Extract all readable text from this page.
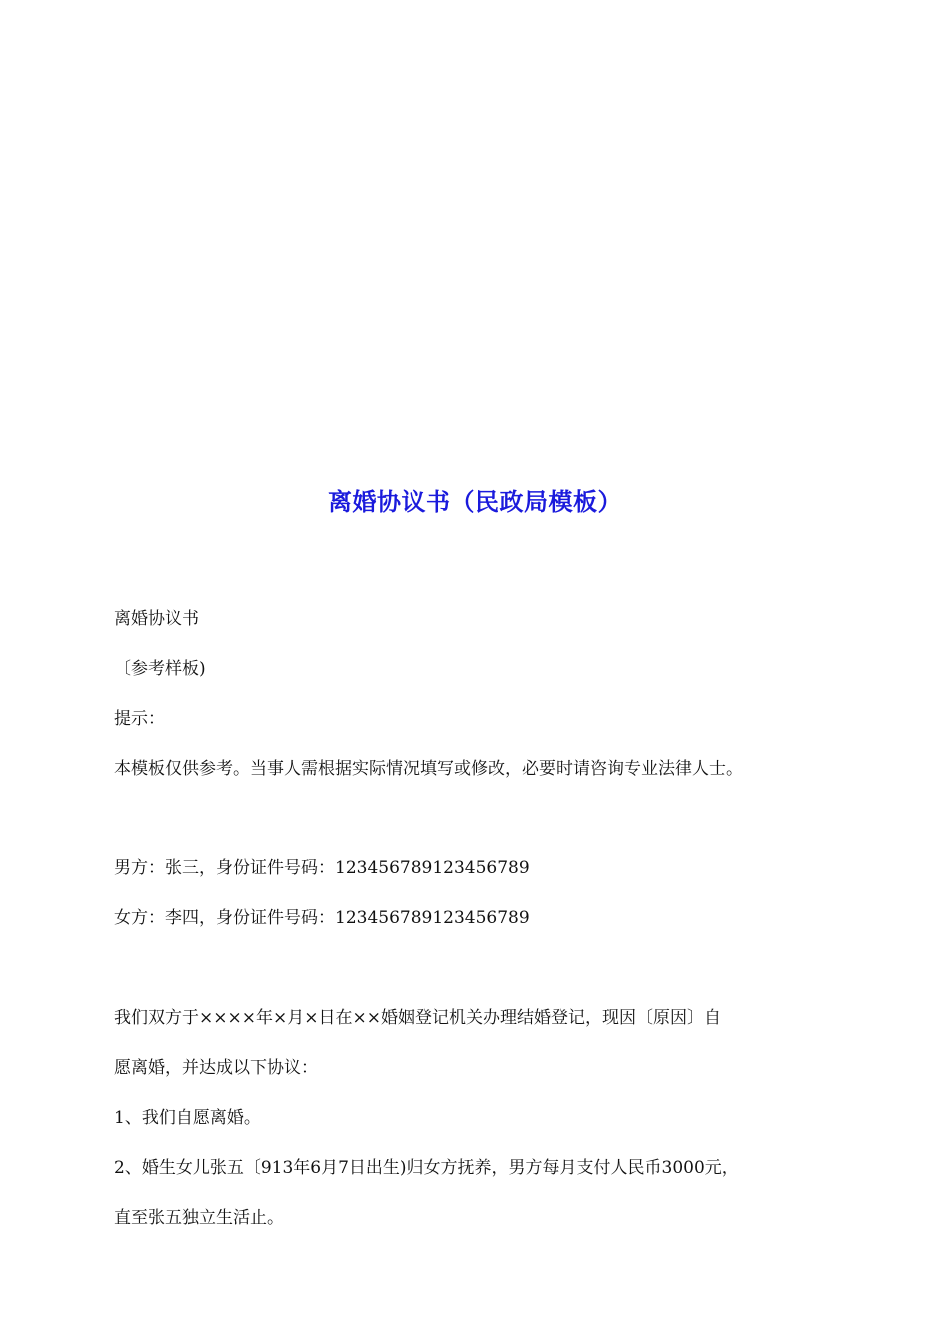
离婚协议书（民政局模板）
离婚协议书
〔参考样板)
提示：
本模板仅供参考。当事人需根据实际情况填写或修改，必要时请咨询专业法律人士。
男方：张三，身份证件号码：123456789123456789
女方：李四，身份证件号码：123456789123456789
我们双方于××××年×月×日在××婚姻登记机关办理结婚登记，现因〔原因〕自
愿离婚，并达成以下协议：
1、我们自愿离婚。
2、婚生女儿张五〔913年6月7日出生)归女方抚养，男方每月支付人民币3000元，
直至张五独立生活止。
